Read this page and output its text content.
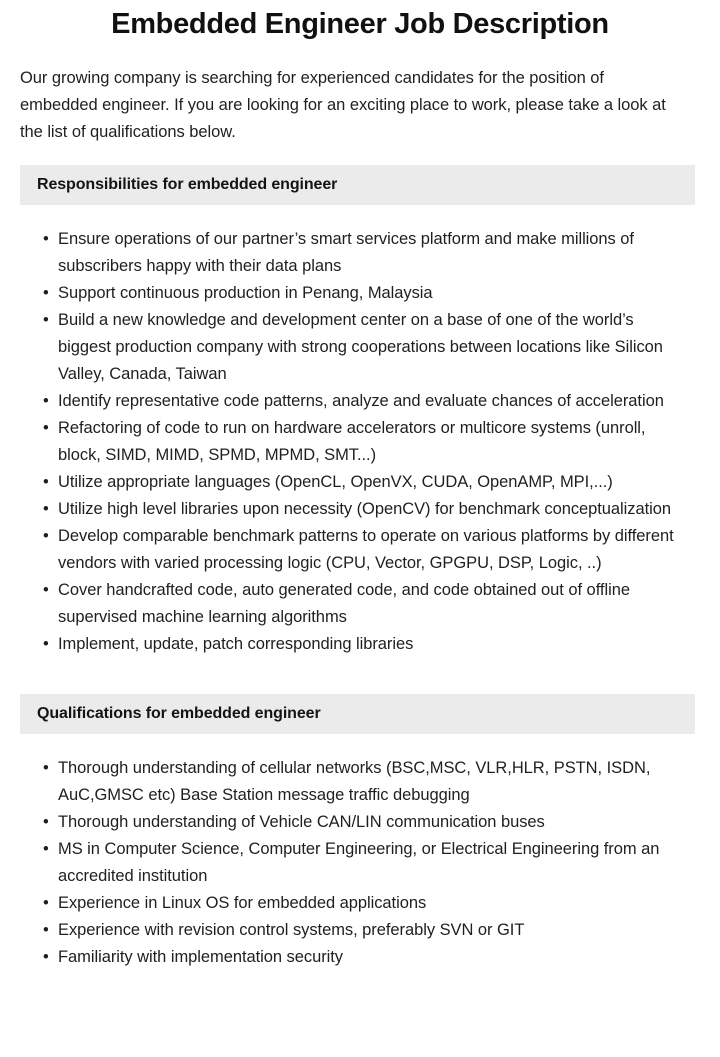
Embedded Engineer Job Description

Our growing company is searching for experienced candidates for the position of embedded engineer. If you are looking for an exciting place to work, please take a look at the list of qualifications below.

Responsibilities for embedded engineer
• Ensure operations of our partner’s smart services platform and make millions of subscribers happy with their data plans
• Support continuous production in Penang, Malaysia
• Build a new knowledge and development center on a base of one of the world’s biggest production company with strong cooperations between locations like Silicon Valley, Canada, Taiwan
• Identify representative code patterns, analyze and evaluate chances of acceleration
• Refactoring of code to run on hardware accelerators or multicore systems (unroll, block, SIMD, MIMD, SPMD, MPMD, SMT...)
• Utilize appropriate languages (OpenCL, OpenVX, CUDA, OpenAMP, MPI,...)
• Utilize high level libraries upon necessity (OpenCV) for benchmark conceptualization
• Develop comparable benchmark patterns to operate on various platforms by different vendors with varied processing logic (CPU, Vector, GPGPU, DSP, Logic, ..)
• Cover handcrafted code, auto generated code, and code obtained out of offline supervised machine learning algorithms
• Implement, update, patch corresponding libraries
Qualifications for embedded engineer
• Thorough understanding of cellular networks (BSC,MSC, VLR,HLR, PSTN, ISDN, AuC,GMSC etc) Base Station message traffic debugging
• Thorough understanding of Vehicle CAN/LIN communication buses
• MS in Computer Science, Computer Engineering, or Electrical Engineering from an accredited institution
• Experience in Linux OS for embedded applications
• Experience with revision control systems, preferably SVN or GIT
• Familiarity with implementation security
